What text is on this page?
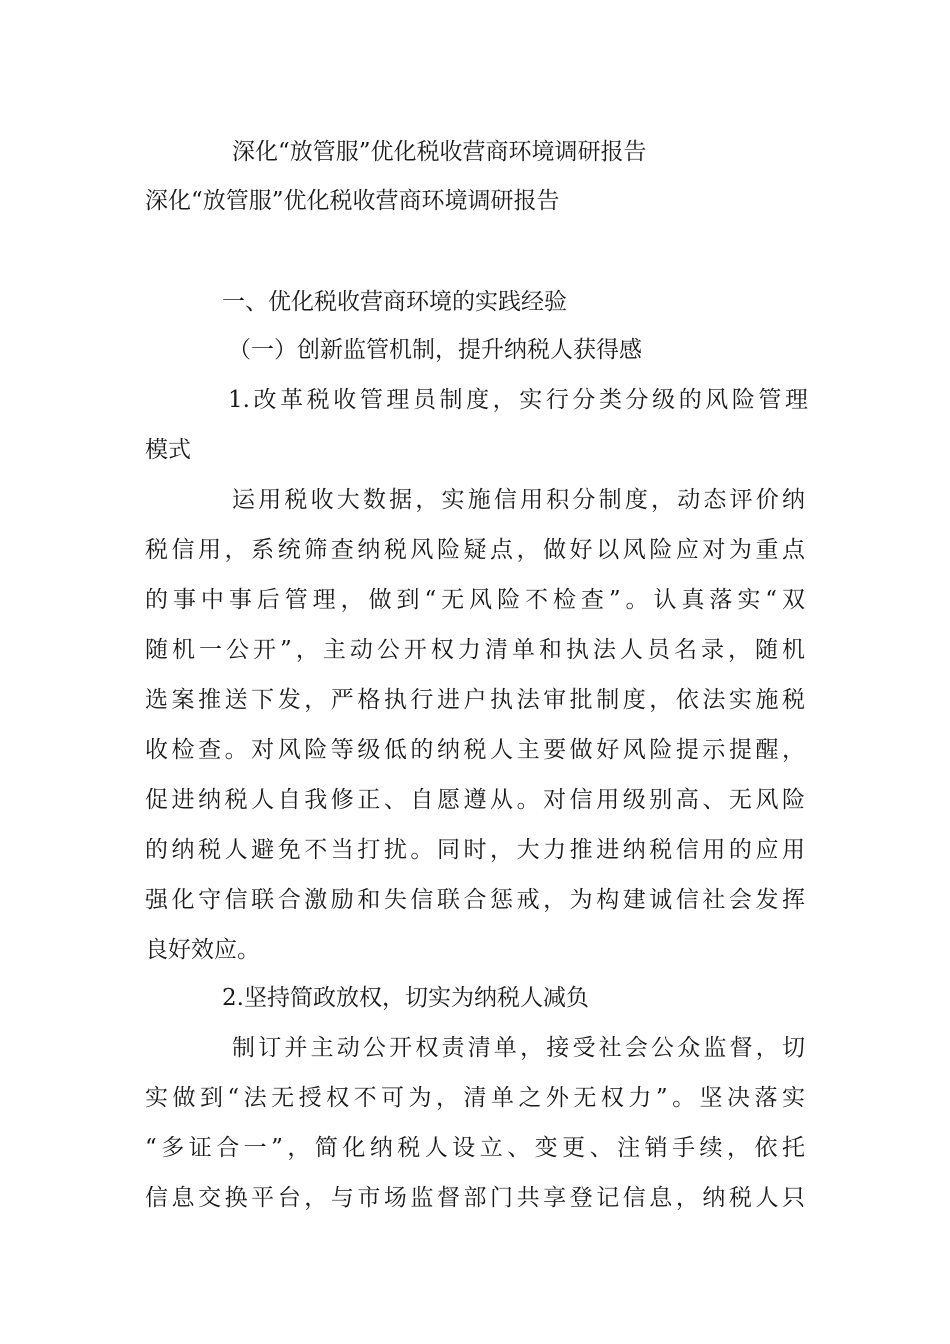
深化“放管服”优化税收营商环境调研报告
深化“放管服”优化税收营商环境调研报告
一、优化税收营商环境的实践经验
（一）创新监管机制，提升纳税人获得感
1.改革税收管理员制度，实行分类分级的风险管理
模式
运用税收大数据，实施信用积分制度，动态评价纳
税信用，系统筛查纳税风险疑点，做好以风险应对为重点
的事中事后管理，做到“无风险不检查”。认真落实“双
随机一公开”，主动公开权力清单和执法人员名录，随机
选案推送下发，严格执行进户执法审批制度，依法实施税
收检查。对风险等级低的纳税人主要做好风险提示提醒，
促进纳税人自我修正、自愿遵从。对信用级别高、无风险
的纳税人避免不当打扰。同时，大力推进纳税信用的应用
强化守信联合激励和失信联合惩戒，为构建诚信社会发挥
良好效应。
2.坚持简政放权，切实为纳税人减负
制订并主动公开权责清单，接受社会公众监督，切
实做到“法无授权不可为，清单之外无权力”。坚决落实
“多证合一”，简化纳税人设立、变更、注销手续，依托
信息交换平台，与市场监督部门共享登记信息，纳税人只
